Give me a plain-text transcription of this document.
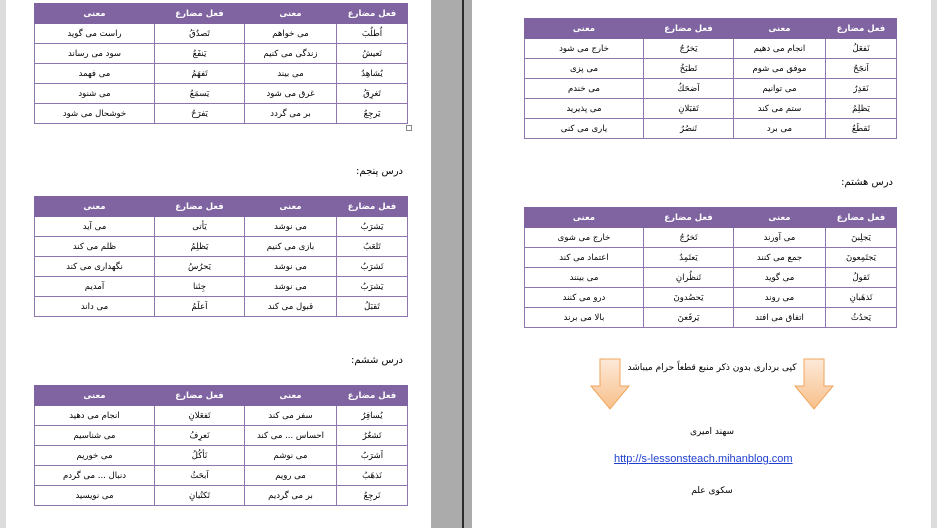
فعل مضارع	معنی	فعل مضارع	معنی
اُطلُبَ	می خواهم	تَصدُقُ	راست می گوید
تَعیشُ	زندگی می کنیم	یَنفَعُ	سود می رساند
یُشاهِدُ	می بیند	تَفهَمُ	می فهمد
تَغرِقُ	غرق می شود	یَسمَعُ	می شنود
یَرجِعُ	بر می گردد	یَفرَحُ	خوشحال می شود
درس پنجم:
فعل مضارع	معنی	فعل مضارع	معنی
یَشرَبُ	می نوشد	یَأتی	می آید
تَلعَبُ	بازی می کنیم	یَظلِمُ	ظلم می کند
تَشرَبُ	می نوشد	یَحرُسُ	نگهداری می کند
یَشرَبُ	می نوشد	جِئنا	آمدیم
تَقبَلُ	قبول می کند	اَعلَمُ	می داند
درس ششم:
فعل مضارع	معنی	فعل مضارع	معنی
یُسافِرُ	سفر می کند	تَفعَلانِ	انجام می دهید
تَشعُرُ	احساس ... می کند	نَعرِفُ	می شناسیم
اَشرَبُ	می نوشم	نَأكُلُ	می خوریم
نَذهَبُ	می رویم	اَبحَثُ	دنبال ... می گردم
نَرجِعُ	بر می گردیم	تَكتُبانِ	می نویسید
فعل مضارع	معنی	فعل مضارع	معنی
نَفعَلُ	انجام می دهیم	یَخرُجُ	خارج می شود
اَنجَحُ	موفق می شوم	تَطبَخُ	می پزی
نَقدِرُ	می توانیم	اَضحَكُ	می خندم
یَظلِمُ	ستم می کند	تَقبَلانِ	می پذیرید
تَقطَعُ	می برد	تَنصُرُ	یاری می کنی
درس هشتم:
فعل مضارع	معنی	فعل مضارع	معنی
یَجلِبنَ	می آورند	تَخرُجُ	خارج می شوی
یَجتَمِعونَ	جمع می کنند	یَعتَمِدُ	اعتماد می کند
تَقولُ	می گوید	تَنظُرانِ	می بینند
تَذهَبانِ	می روند	یَحصُدونَ	درو می کنند
یَحدُثُ	اتفاق می افتد	یَرفَعنَ	بالا می برند
کپی برداری بدون ذکر منبع قطعاً حرام میباشد
سهند امیری
http://s-lessonsteach.mihanblog.com
سکوی علم
